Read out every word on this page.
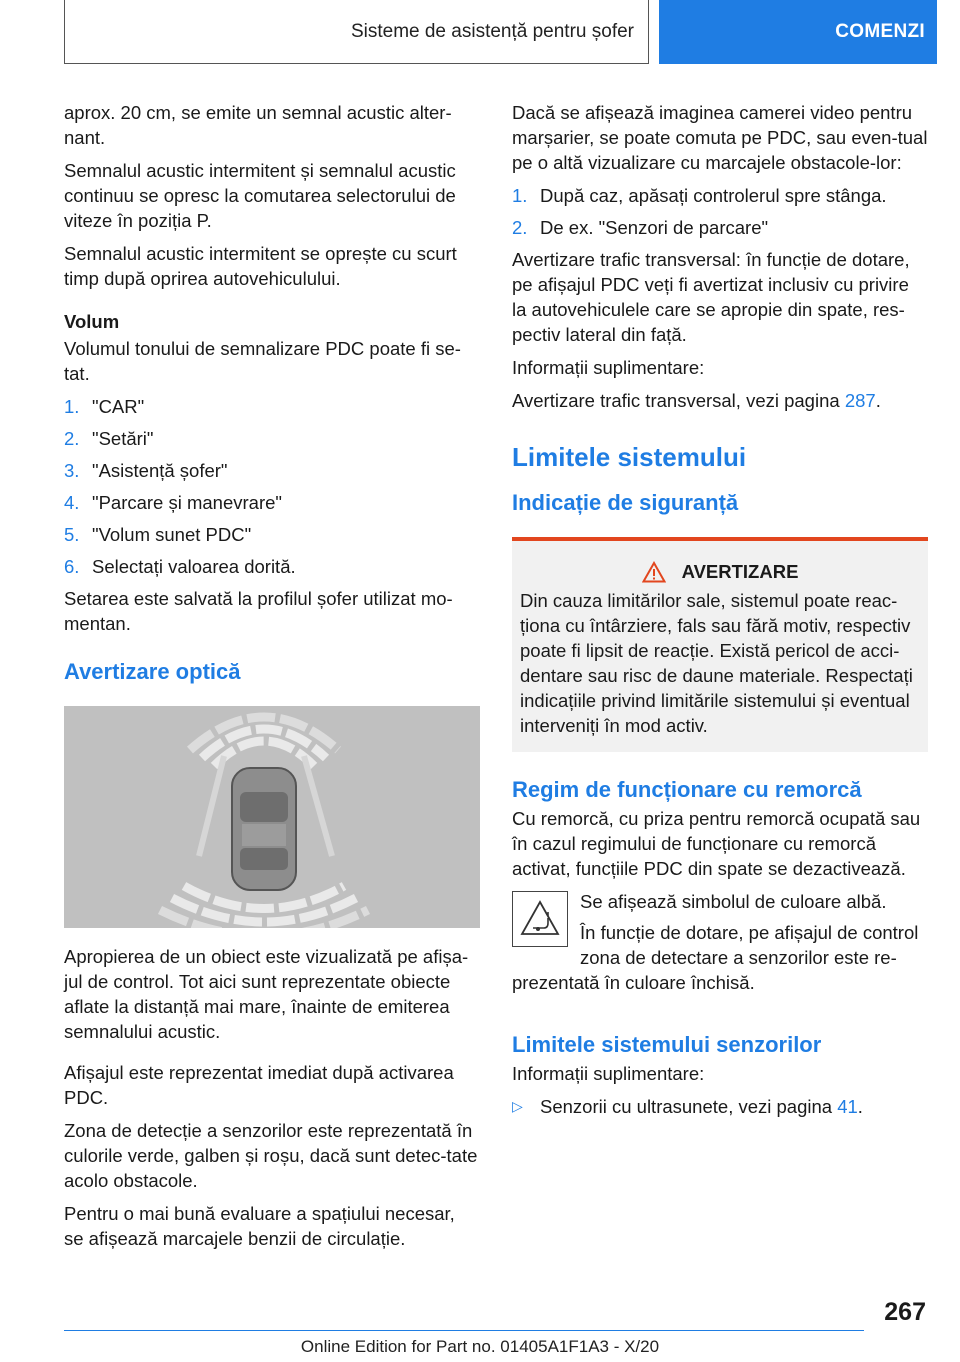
Sisteme de asistență pentru șofer	COMENZI

aprox. 20 cm, se emite un semnal acustic alter-nant.

Semnalul acustic intermitent și semnalul acustic continuu se opresc la comutarea selectorului de viteze în poziția P.

Semnalul acustic intermitent se oprește cu scurt timp după oprirea autovehiculului.

Volum

Volumul tonului de semnalizare PDC poate fi se-tat.

1. "CAR"
2. "Setări"
3. "Asistență șofer"
4. "Parcare și manevrare"
5. "Volum sunet PDC"
6. Selectați valoarea dorită.

Setarea este salvată la profilul șofer utilizat mo-mentan.

Avertizare optică

Apropierea de un obiect este vizualizată pe afișa-jul de control. Tot aici sunt reprezentate obiecte aflate la distanță mai mare, înainte de emiterea semnalului acustic.

Afișajul este reprezentat imediat după activarea PDC.

Zona de detecție a senzorilor este reprezentată în culorile verde, galben și roșu, dacă sunt detec-tate acolo obstacole.

Pentru o mai bună evaluare a spațiului necesar, se afișează marcajele benzii de circulație.

Dacă se afișează imaginea camerei video pentru marșarier, se poate comuta pe PDC, sau even-tual pe o altă vizualizare cu marcajele obstacole-lor:

1. După caz, apăsați controlerul spre stânga.
2. De ex. "Senzori de parcare"

Avertizare trafic transversal: în funcție de dotare, pe afișajul PDC veți fi avertizat inclusiv cu privire la autovehiculele care se apropie din spate, res-pectiv lateral din față.

Informații suplimentare:

Avertizare trafic transversal, vezi pagina 287.

Limitele sistemului
Indicație de siguranță
AVERTIZARE

Din cauza limitărilor sale, sistemul poate reac-ționa cu întârziere, fals sau fără motiv, respectiv poate fi lipsit de reacție. Există pericol de acci-dentare sau risc de daune materiale. Respectați indicațiile privind limitările sistemului și eventual interveniți în mod activ.

Regim de funcționare cu remorcă

Cu remorcă, cu priza pentru remorcă ocupată sau în cazul regimului de funcționare cu remorcă activat, funcțiile PDC din spate se dezactivează.

Se afișează simbolul de culoare albă.

În funcție de dotare, pe afișajul de control zona de detectare a senzorilor este re-prezentată în culoare închisă.

Limitele sistemului senzorilor

Informații suplimentare:

▷ Senzorii cu ultrasunete, vezi pagina 41.
267
Online Edition for Part no. 01405A1F1A3 - X/20
